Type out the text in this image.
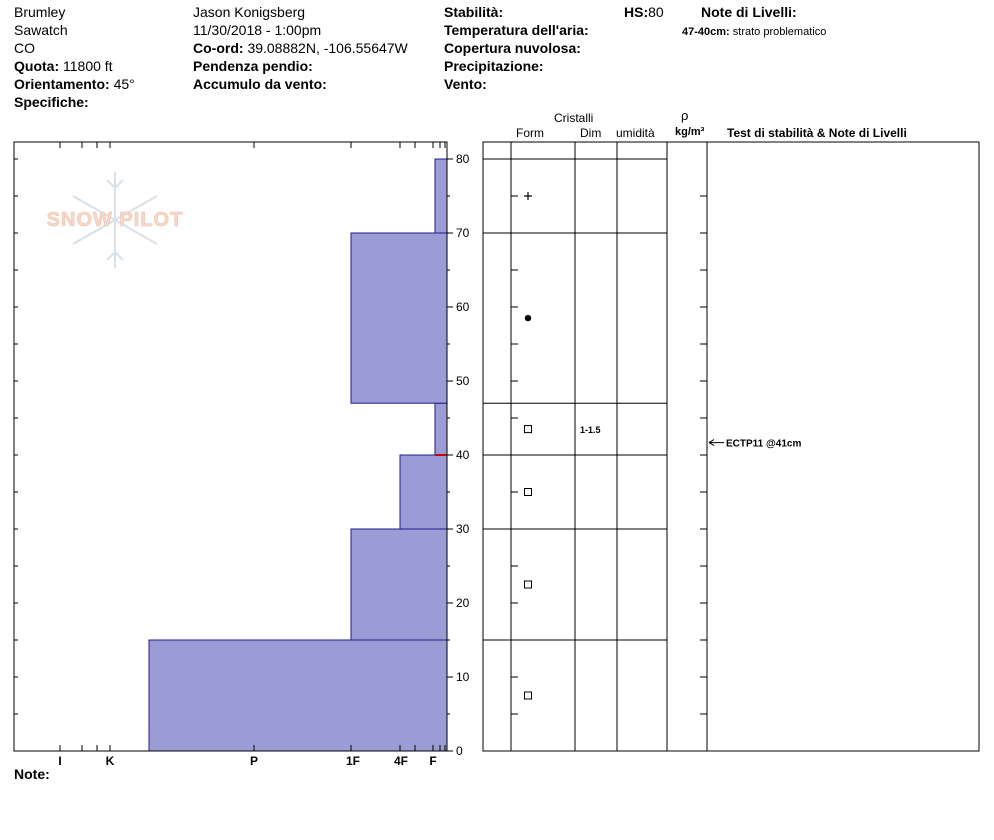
Brumley
Sawatch
CO
Quota: 11800 ft
Orientamento: 45°
Specifiche:
Jason Konigsberg
11/30/2018 - 1:00pm
Co-ord: 39.08882N, -106.55647W
Pendenza pendio:
Accumulo da vento:
Stabilità:
Temperatura dell'aria:
Copertura nuvolosa:
Precipitazione:
Vento:
HS:80	Note di Livelli:
47-40cm: strato problematico
Cristalli
Form	Dim umidità
ρ
kg/m³ Test di stabilità & Note di Livelli
SNOW PILOT
0
10
20
30
40
50
60
70
80
I	K	P	1F	4F F
1-1.5
ECTP11 @41cm
Note:
